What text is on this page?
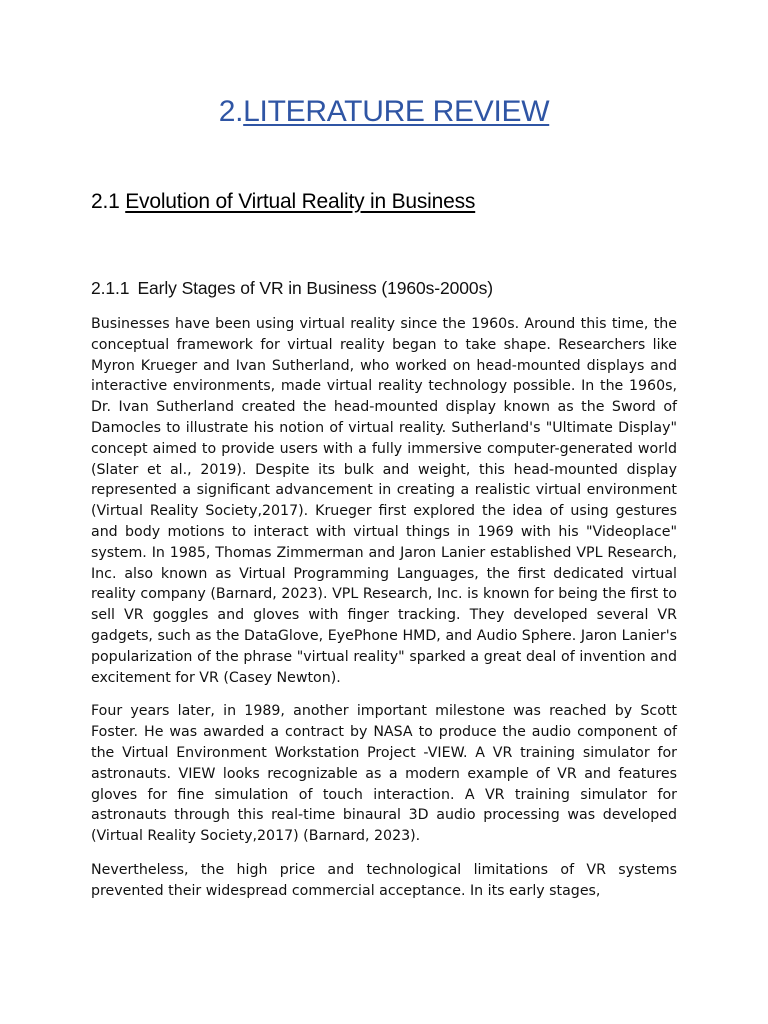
2.LITERATURE REVIEW
2.1 Evolution of Virtual Reality in Business
2.1.1 Early Stages of VR in Business (1960s-2000s)

Businesses have been using virtual reality since the 1960s. Around this time, the conceptual framework for virtual reality began to take shape. Researchers like Myron Krueger and Ivan Sutherland, who worked on head-mounted displays and interactive environments, made virtual reality technology possible. In the 1960s, Dr. Ivan Sutherland created the head-mounted display known as the Sword of Damocles to illustrate his notion of virtual reality. Sutherland's "Ultimate Display" concept aimed to provide users with a fully immersive computer-generated world (Slater et al., 2019). Despite its bulk and weight, this head-mounted display represented a significant advancement in creating a realistic virtual environment (Virtual Reality Society,2017). Krueger first explored the idea of using gestures and body motions to interact with virtual things in 1969 with his "Videoplace" system. In 1985, Thomas Zimmerman and Jaron Lanier established VPL Research, Inc. also known as Virtual Programming Languages, the first dedicated virtual reality company (Barnard, 2023). VPL Research, Inc. is known for being the first to sell VR goggles and gloves with finger tracking. They developed several VR gadgets, such as the DataGlove, EyePhone HMD, and Audio Sphere. Jaron Lanier's popularization of the phrase "virtual reality" sparked a great deal of invention and excitement for VR (Casey Newton).

Four years later, in 1989, another important milestone was reached by Scott Foster. He was awarded a contract by NASA to produce the audio component of the Virtual Environment Workstation Project -VIEW. A VR training simulator for astronauts. VIEW looks recognizable as a modern example of VR and features gloves for fine simulation of touch interaction. A VR training simulator for astronauts through this real-time binaural 3D audio processing was developed (Virtual Reality Society,2017) (Barnard, 2023).

Nevertheless, the high price and technological limitations of VR systems prevented their widespread commercial acceptance. In its early stages,
